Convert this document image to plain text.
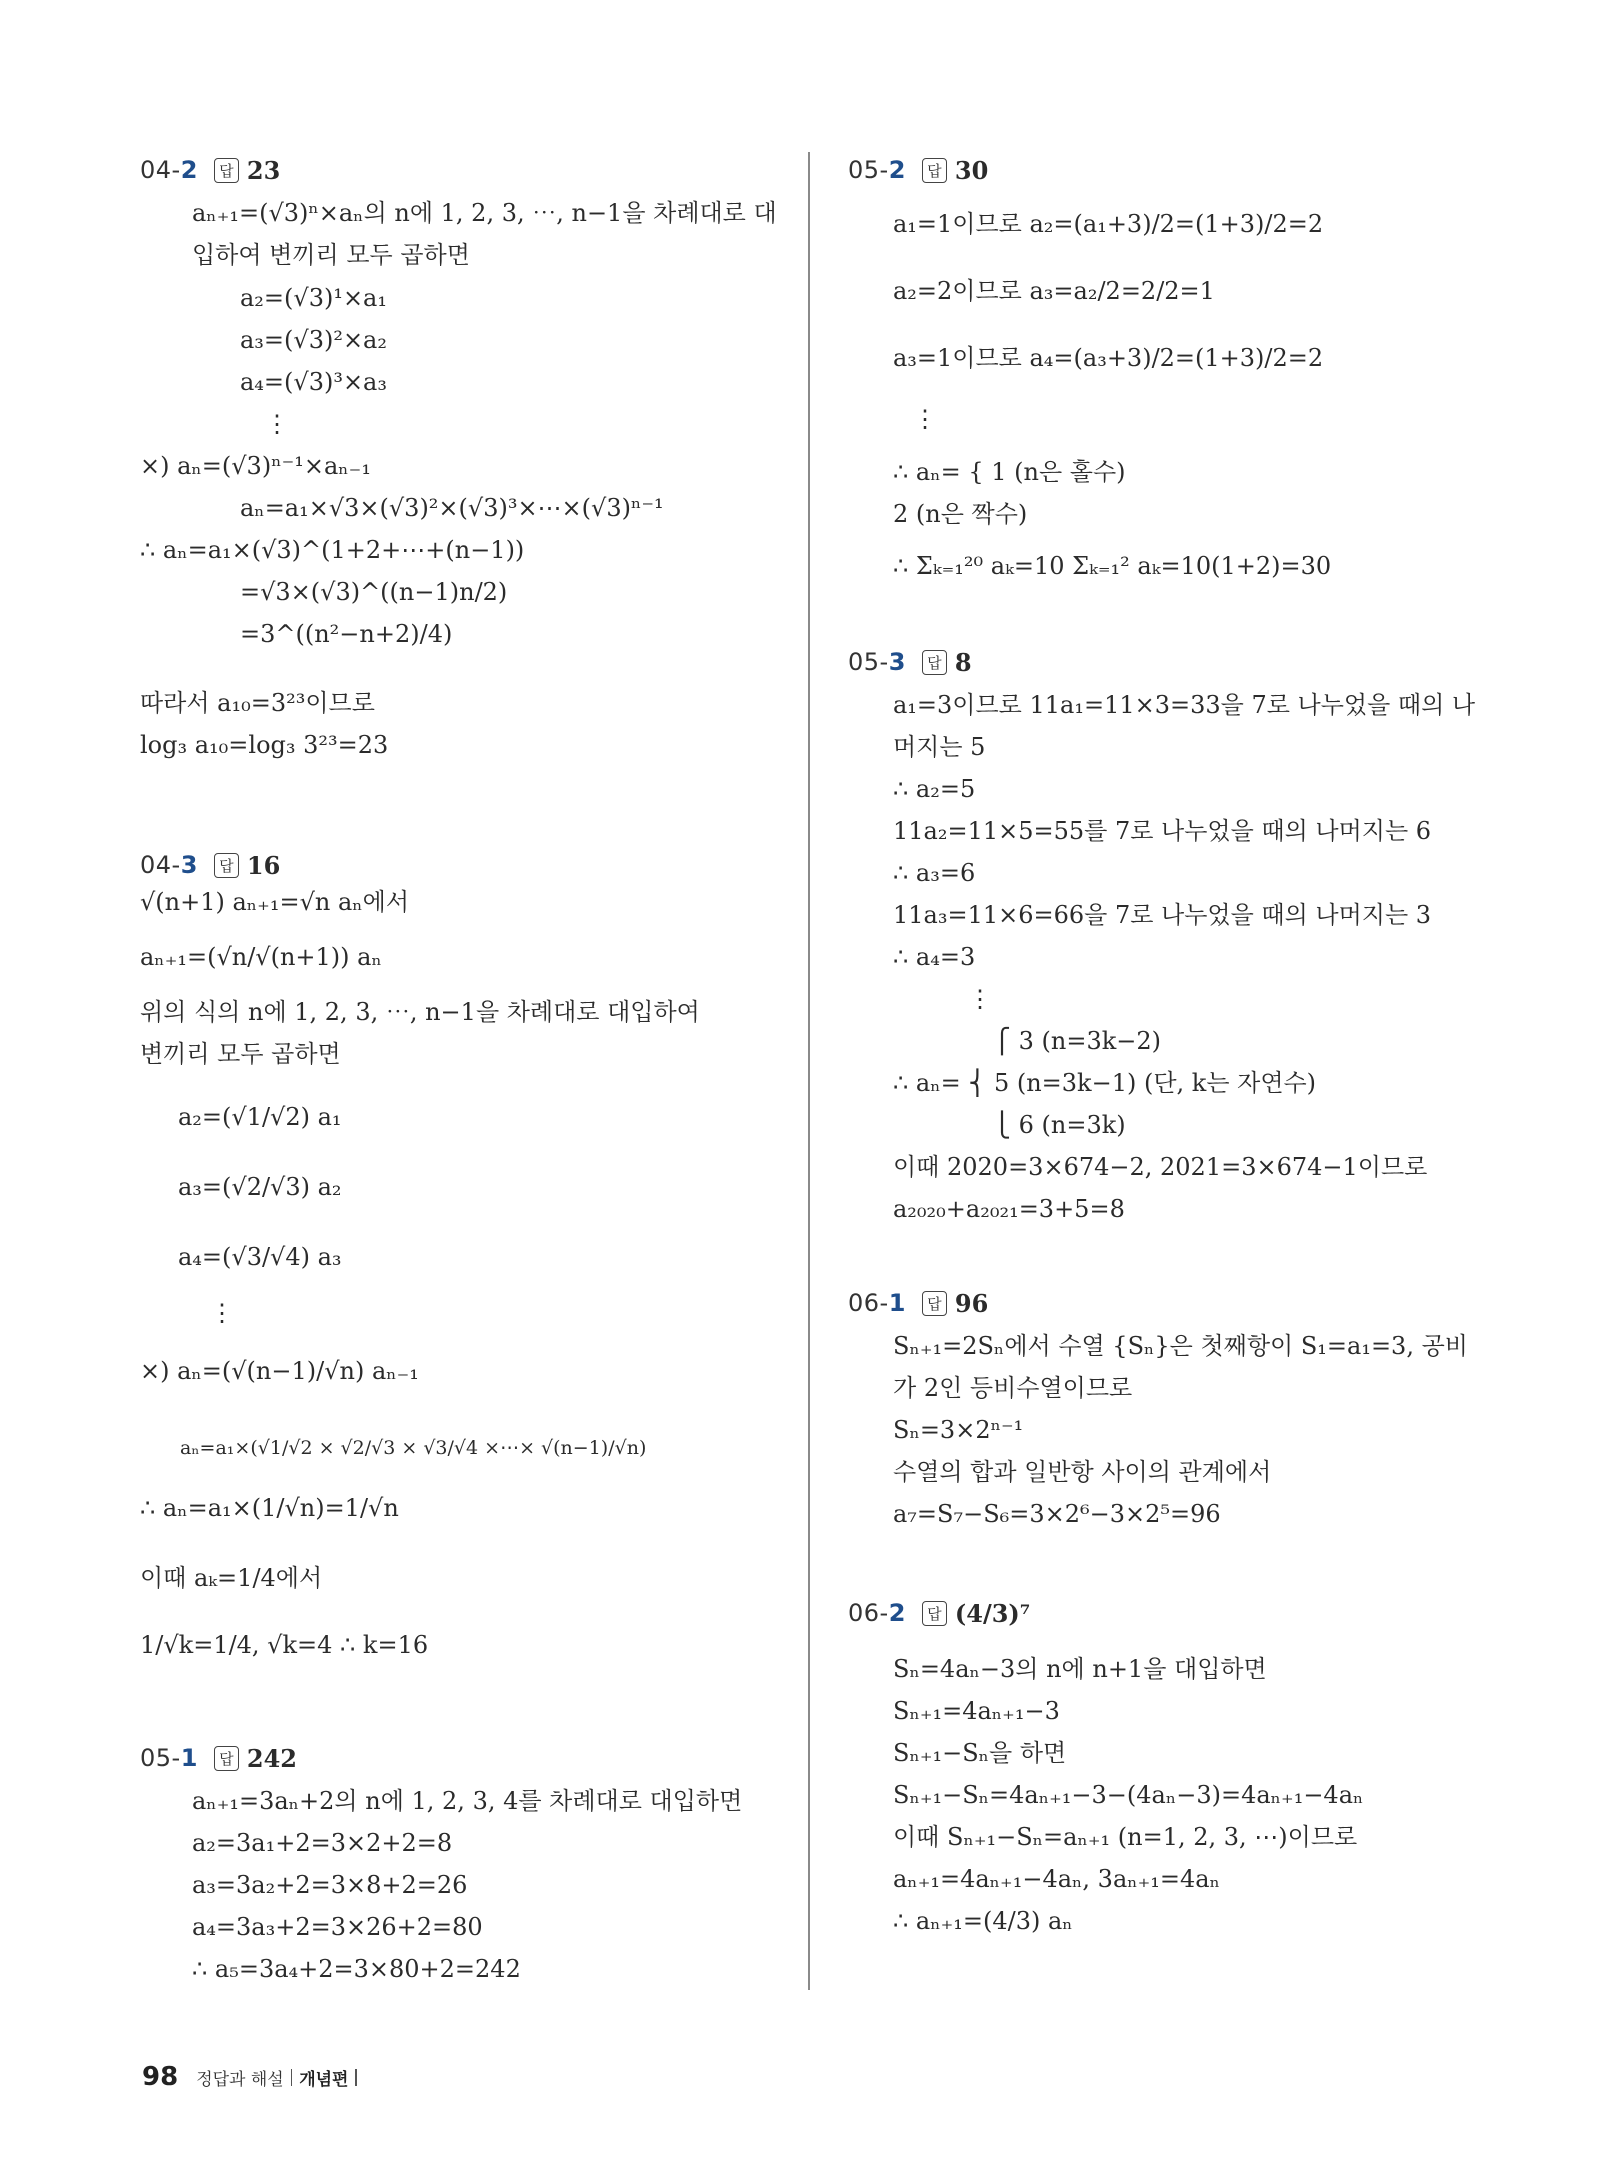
04-2	답 23
aₙ₊₁=(√3)ⁿ×aₙ의 n에 1, 2, 3, ⋯, n−1을 차례대로 대
입하여 변끼리 모두 곱하면
a₂=(√3)¹×a₁
a₃=(√3)²×a₂
a₄=(√3)³×a₃
⋮
×) aₙ=(√3)ⁿ⁻¹×aₙ₋₁
aₙ=a₁×√3×(√3)²×(√3)³×⋯×(√3)ⁿ⁻¹
∴ aₙ=a₁×(√3)^(1+2+⋯+(n−1))
=√3×(√3)^((n−1)n/2)
=3^((n²−n+2)/4)
따라서 a₁₀=3²³이므로
log₃ a₁₀=log₃ 3²³=23
04-3	답 16
√(n+1) aₙ₊₁=√n aₙ에서
aₙ₊₁=(√n/√(n+1)) aₙ
위의 식의 n에 1, 2, 3, ⋯, n−1을 차례대로 대입하여
변끼리 모두 곱하면
a₂=(√1/√2) a₁
a₃=(√2/√3) a₂
a₄=(√3/√4) a₃
⋮
×) aₙ=(√(n−1)/√n) aₙ₋₁
aₙ=a₁×(√1/√2 × √2/√3 × √3/√4 ×⋯× √(n−1)/√n)
∴ aₙ=a₁×(1/√n)=1/√n
이때 aₖ=1/4에서
1/√k=1/4, √k=4 ∴ k=16
05-1	답 242
aₙ₊₁=3aₙ+2의 n에 1, 2, 3, 4를 차례대로 대입하면
a₂=3a₁+2=3×2+2=8
a₃=3a₂+2=3×8+2=26
a₄=3a₃+2=3×26+2=80
∴ a₅=3a₄+2=3×80+2=242
05-2	답 30
a₁=1이므로 a₂=(a₁+3)/2=(1+3)/2=2
a₂=2이므로 a₃=a₂/2=2/2=1
a₃=1이므로 a₄=(a₃+3)/2=(1+3)/2=2
⋮
∴ aₙ= { 1 (n은 홀수)
2 (n은 짝수)
∴ Σₖ₌₁²⁰ aₖ=10 Σₖ₌₁² aₖ=10(1+2)=30
05-3	답 8
a₁=3이므로 11a₁=11×3=33을 7로 나누었을 때의 나
머지는 5
∴ a₂=5
11a₂=11×5=55를 7로 나누었을 때의 나머지는 6
∴ a₃=6
11a₃=11×6=66을 7로 나누었을 때의 나머지는 3
∴ a₄=3
⋮
⎧ 3 (n=3k−2)
∴ aₙ= ⎨ 5 (n=3k−1) (단, k는 자연수)
⎩ 6 (n=3k)
이때 2020=3×674−2, 2021=3×674−1이므로
a₂₀₂₀+a₂₀₂₁=3+5=8
06-1	답 96
Sₙ₊₁=2Sₙ에서 수열 {Sₙ}은 첫째항이 S₁=a₁=3, 공비
가 2인 등비수열이므로
Sₙ=3×2ⁿ⁻¹
수열의 합과 일반항 사이의 관계에서
a₇=S₇−S₆=3×2⁶−3×2⁵=96
06-2	답 (4/3)⁷
Sₙ=4aₙ−3의 n에 n+1을 대입하면
Sₙ₊₁=4aₙ₊₁−3
Sₙ₊₁−Sₙ을 하면
Sₙ₊₁−Sₙ=4aₙ₊₁−3−(4aₙ−3)=4aₙ₊₁−4aₙ
이때 Sₙ₊₁−Sₙ=aₙ₊₁ (n=1, 2, 3, ⋯)이므로
aₙ₊₁=4aₙ₊₁−4aₙ, 3aₙ₊₁=4aₙ
∴ aₙ₊₁=(4/3) aₙ
98 정답과 해설 개념편
